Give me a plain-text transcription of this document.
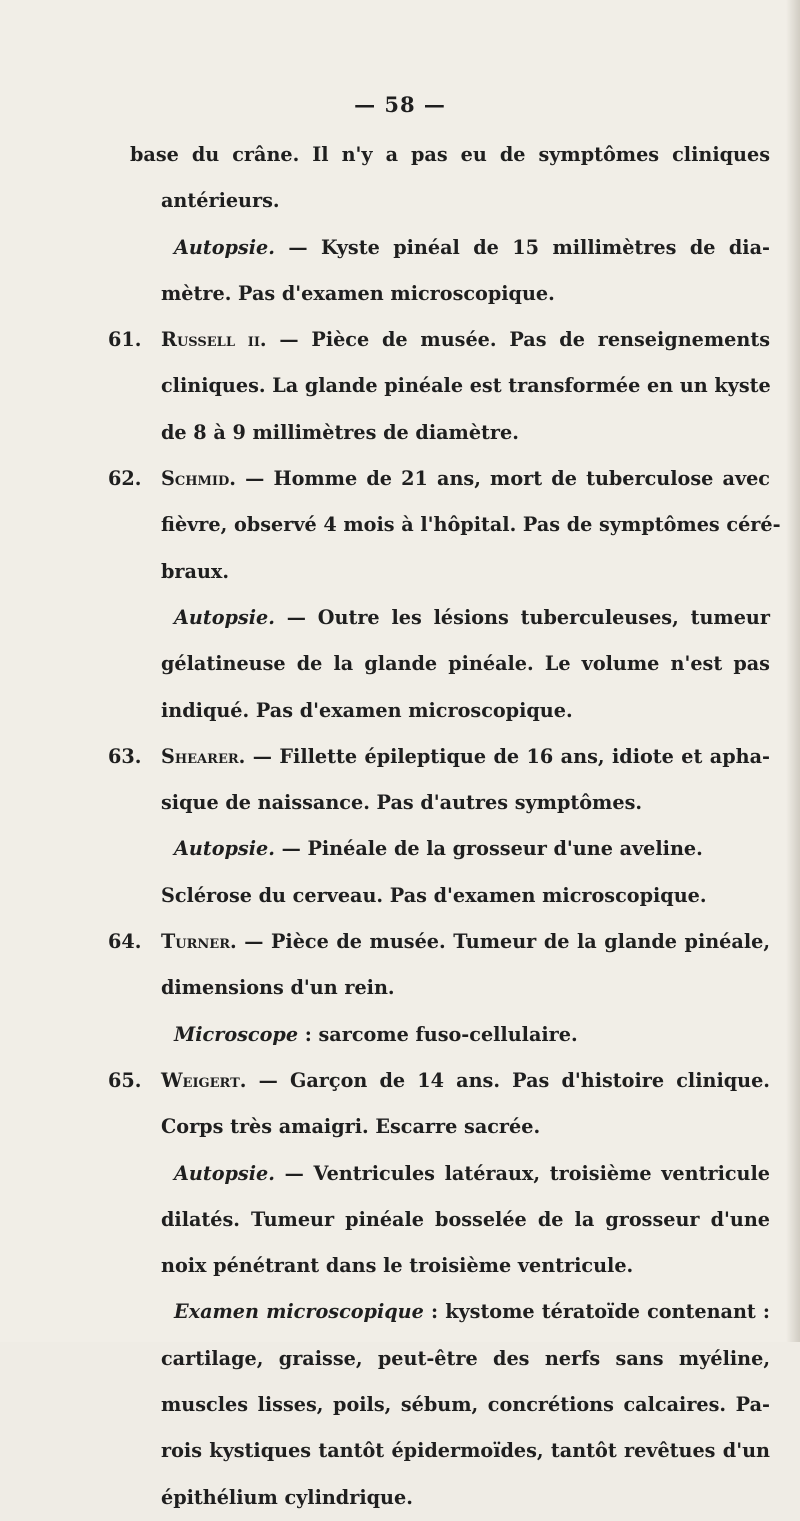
— 58 —
base du crâne. Il n'y a pas eu de symptômes cliniques
antérieurs.
Autopsie. — Kyste pinéal de 15 millimètres de dia-
mètre. Pas d'examen microscopique.
61. Russell ii. — Pièce de musée. Pas de renseignements
cliniques. La glande pinéale est transformée en un kyste
de 8 à 9 millimètres de diamètre.
62. Schmid. — Homme de 21 ans, mort de tuberculose avec
fièvre, observé 4 mois à l'hôpital. Pas de symptômes céré-
braux.
Autopsie. — Outre les lésions tuberculeuses, tumeur
gélatineuse de la glande pinéale. Le volume n'est pas
indiqué. Pas d'examen microscopique.
63. Shearer. — Fillette épileptique de 16 ans, idiote et apha-
sique de naissance. Pas d'autres symptômes.
Autopsie. — Pinéale de la grosseur d'une aveline.
Sclérose du cerveau. Pas d'examen microscopique.
64. Turner. — Pièce de musée. Tumeur de la glande pinéale,
dimensions d'un rein.
Microscope : sarcome fuso-cellulaire.
65. Weigert. — Garçon de 14 ans. Pas d'histoire clinique.
Corps très amaigri. Escarre sacrée.
Autopsie. — Ventricules latéraux, troisième ventricule
dilatés. Tumeur pinéale bosselée de la grosseur d'une
noix pénétrant dans le troisième ventricule.
Examen microscopique : kystome tératoïde contenant :
cartilage, graisse, peut-être des nerfs sans myéline,
muscles lisses, poils, sébum, concrétions calcaires. Pa-
rois kystiques tantôt épidermoïdes, tantôt revêtues d'un
épithélium cylindrique.
